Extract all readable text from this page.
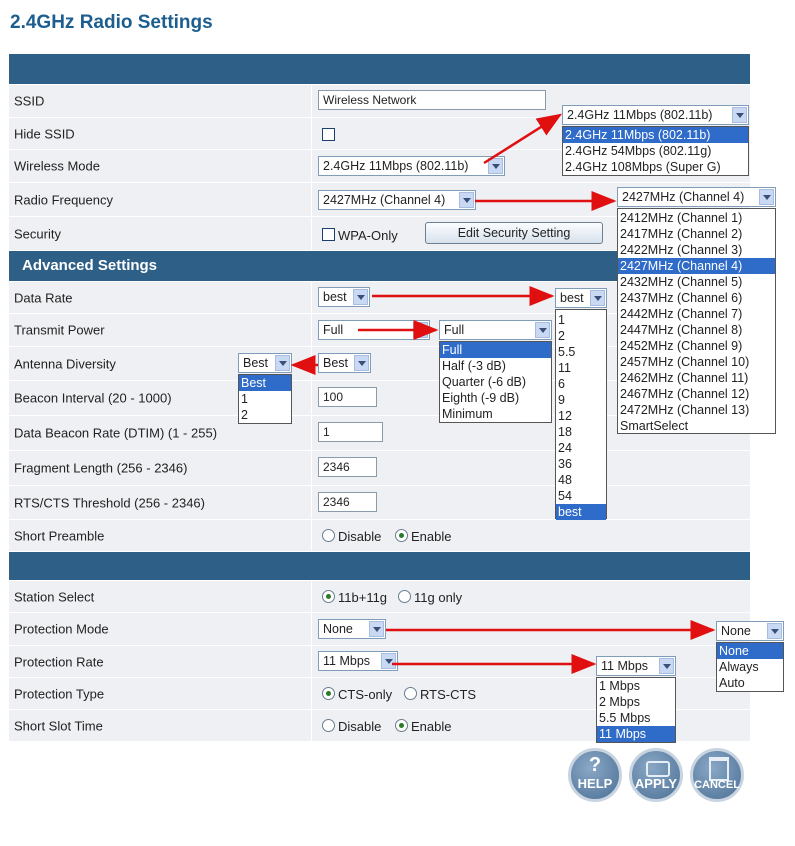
2.4GHz Radio Settings
SSID	Wireless Network
Hide SSID
Wireless Mode	2.4GHz 11Mbps (802.11b)
Radio Frequency	2427MHz (Channel 4)
Security	WPA-Only	Edit Security Setting
Advanced Settings
Data Rate	best
Transmit Power	Full
Antenna Diversity	Best
Beacon Interval (20 - 1000)	100
Data Beacon Rate (DTIM) (1 - 255)	1
Fragment Length (256 - 2346)	2346
RTS/CTS Threshold (256 - 2346)	2346
Short Preamble	Disable	Enable
Station Select	11b+11g	11g only
Protection Mode	None
Protection Rate	11 Mbps
Protection Type	CTS-only	RTS-CTS
Short Slot Time	Disable	Enable
2.4GHz 11Mbps (802.11b)
2.4GHz 11Mbps (802.11b)
2.4GHz 54Mbps (802.11g)
2.4GHz 108Mbps (Super G)
2427MHz (Channel 4)
2412MHz (Channel 1)
2417MHz (Channel 2)
2422MHz (Channel 3)
2427MHz (Channel 4)
2432MHz (Channel 5)
2437MHz (Channel 6)
2442MHz (Channel 7)
2447MHz (Channel 8)
2452MHz (Channel 9)
2457MHz (Channel 10)
2462MHz (Channel 11)
2467MHz (Channel 12)
2472MHz (Channel 13)
SmartSelect
best
1
2
5.5
11
6
9
12
18
24
36
48
54
best
Full
Full
Half (-3 dB)
Quarter (-6 dB)
Eighth (-9 dB)
Minimum
Best
Best
1
2
None
None
Always
Auto
11 Mbps
1 Mbps
2 Mbps
5.5 Mbps
11 Mbps
?
HELP	APPLY CANCEL
